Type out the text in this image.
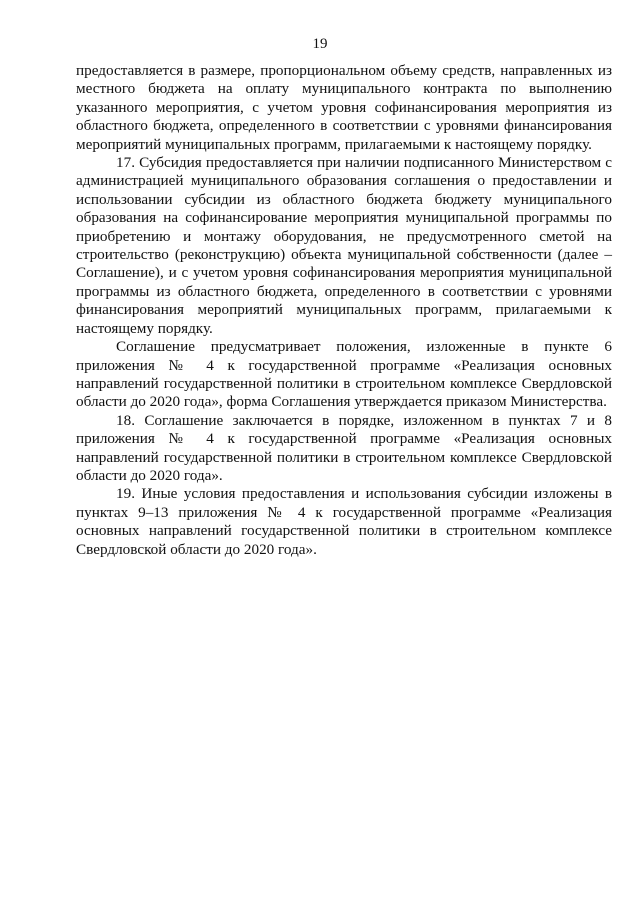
19

предоставляется в размере, пропорциональном объему средств, направленных из местного бюджета на оплату муниципального контракта по выполнению указанного мероприятия, с учетом уровня софинансирования мероприятия из областного бюджета, определенного в соответствии с уровнями финансирования мероприятий муниципальных программ, прилагаемыми к настоящему порядку.

17. Субсидия предоставляется при наличии подписанного Министерством с администрацией муниципального образования соглашения о предоставлении и использовании субсидии из областного бюджета бюджету муниципального образования на софинансирование мероприятия муниципальной программы по приобретению и монтажу оборудования, не предусмотренного сметой на строительство (реконструкцию) объекта муниципальной собственности (далее – Соглашение), и с учетом уровня софинансирования мероприятия муниципальной программы из областного бюджета, определенного в соответствии с уровнями финансирования мероприятий муниципальных программ, прилагаемыми к настоящему порядку.

Соглашение предусматривает положения, изложенные в пункте 6 приложения № 4 к государственной программе «Реализация основных направлений государственной политики в строительном комплексе Свердловской области до 2020 года», форма Соглашения утверждается приказом Министерства.

18. Соглашение заключается в порядке, изложенном в пунктах 7 и 8 приложения № 4 к государственной программе «Реализация основных направлений государственной политики в строительном комплексе Свердловской области до 2020 года».

19. Иные условия предоставления и использования субсидии изложены в пунктах 9–13 приложения № 4 к государственной программе «Реализация основных направлений государственной политики в строительном комплексе Свердловской области до 2020 года».
